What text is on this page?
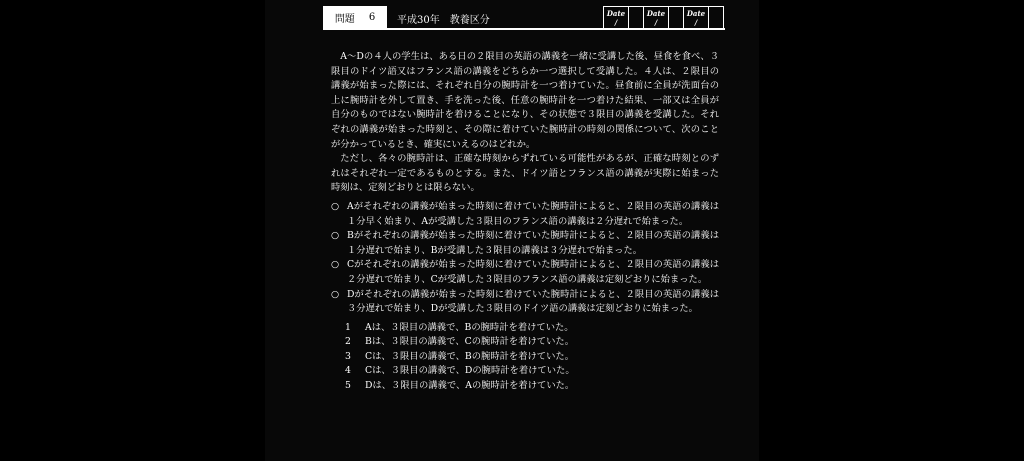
問題 6 平成30年　教養区分
Date
/
Date
/
Date
/

A～Dの４人の学生は、ある日の２限目の英語の講義を一緒に受講した後、昼食を食べ、３限目のドイツ語又はフランス語の講義をどちらか一つ選択して受講した。４人は、２限目の講義が始まった際には、それぞれ自分の腕時計を一つ着けていた。昼食前に全員が洗面台の上に腕時計を外して置き、手を洗った後、任意の腕時計を一つ着けた結果、一部又は全員が自分のものではない腕時計を着けることになり、その状態で３限目の講義を受講した。それぞれの講義が始まった時刻と、その際に着けていた腕時計の時刻の関係について、次のことが分かっているとき、確実にいえるのはどれか。

ただし、各々の腕時計は、正確な時刻からずれている可能性があるが、正確な時刻とのずれはそれぞれ一定であるものとする。また、ドイツ語とフランス語の講義が実際に始まった時刻は、定刻どおりとは限らない。

○ Aがそれぞれの講義が始まった時刻に着けていた腕時計によると、２限目の英語の講義は１分早く始まり、Aが受講した３限目のフランス語の講義は２分遅れで始まった。
○ Bがそれぞれの講義が始まった時刻に着けていた腕時計によると、２限目の英語の講義は１分遅れで始まり、Bが受講した３限目の講義は３分遅れで始まった。
○ Cがそれぞれの講義が始まった時刻に着けていた腕時計によると、２限目の英語の講義は２分遅れで始まり、Cが受講した３限目のフランス語の講義は定刻どおりに始まった。
○ Dがそれぞれの講義が始まった時刻に着けていた腕時計によると、２限目の英語の講義は３分遅れで始まり、Dが受講した３限目のドイツ語の講義は定刻どおりに始まった。
1	Aは、３限目の講義で、Bの腕時計を着けていた。
2	Bは、３限目の講義で、Cの腕時計を着けていた。
3	Cは、３限目の講義で、Bの腕時計を着けていた。
4	Cは、３限目の講義で、Dの腕時計を着けていた。
5	Dは、３限目の講義で、Aの腕時計を着けていた。
